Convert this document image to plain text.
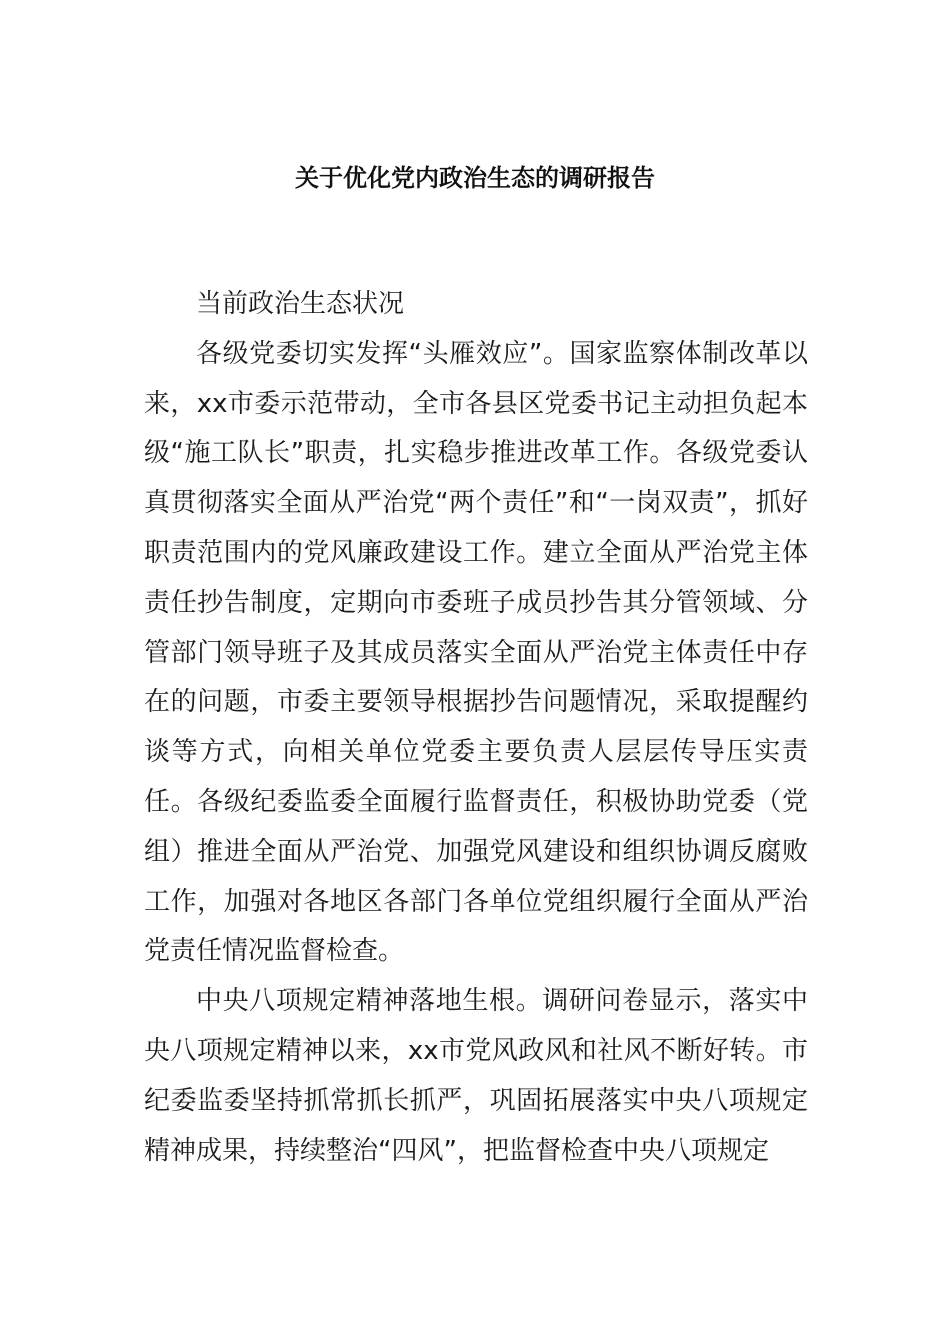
关于优化党内政治生态的调研报告

当前政治生态状况

各级党委切实发挥“头雁效应”。国家监察体制改革以来，xx市委示范带动，全市各县区党委书记主动担负起本级“施工队长”职责，扎实稳步推进改革工作。各级党委认真贯彻落实全面从严治党“两个责任”和“一岗双责”，抓好职责范围内的党风廉政建设工作。建立全面从严治党主体责任抄告制度，定期向市委班子成员抄告其分管领域、分管部门领导班子及其成员落实全面从严治党主体责任中存在的问题，市委主要领导根据抄告问题情况，采取提醒约谈等方式，向相关单位党委主要负责人层层传导压实责任。各级纪委监委全面履行监督责任，积极协助党委（党组）推进全面从严治党、加强党风建设和组织协调反腐败工作，加强对各地区各部门各单位党组织履行全面从严治党责任情况监督检查。

中央八项规定精神落地生根。调研问卷显示，落实中央八项规定精神以来，xx市党风政风和社风不断好转。市纪委监委坚持抓常抓长抓严，巩固拓展落实中央八项规定精神成果，持续整治“四风”，把监督检查中央八项规定
